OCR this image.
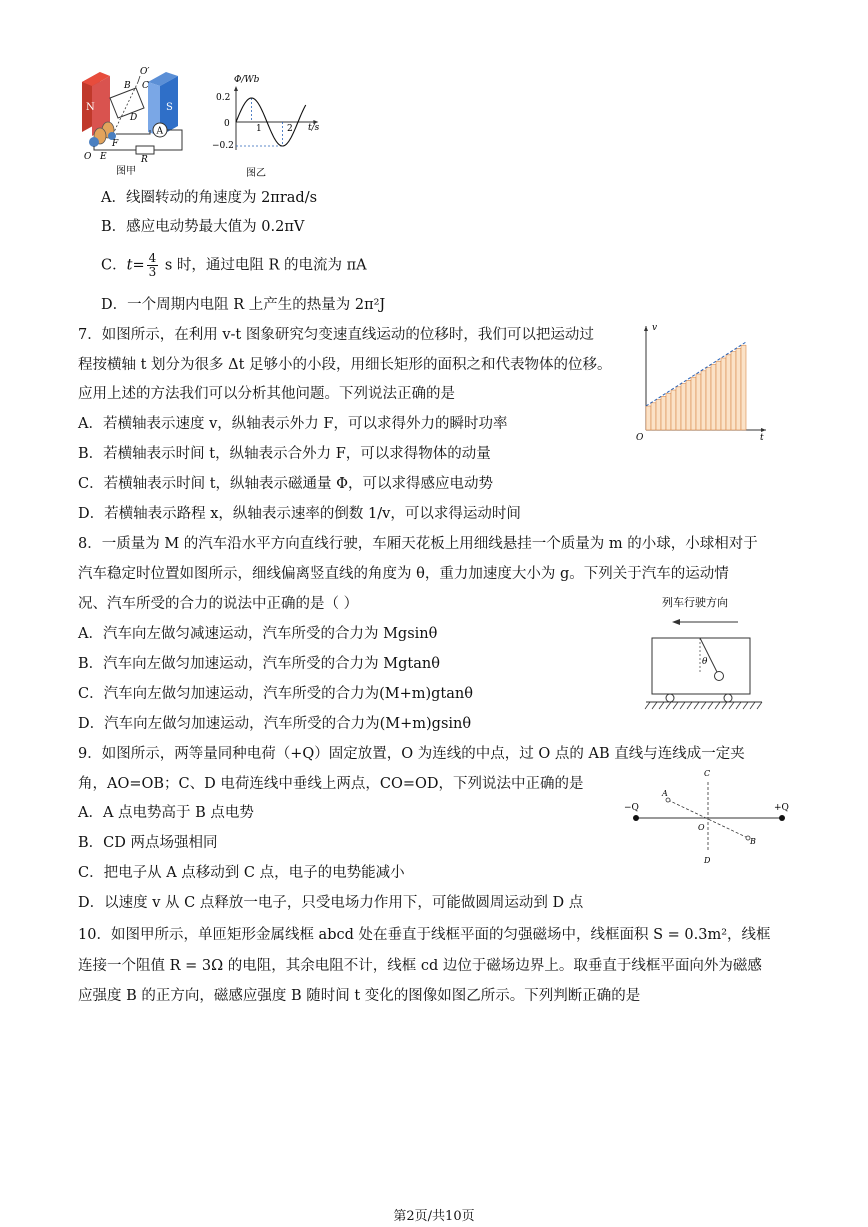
N	S
A
R
B C
O′
D
F
O E
图甲
Φ/Wb
t/s
0
0.2
−0.2
1	2
图乙
A．线圈转动的角速度为 2πrad/s
B．感应电动势最大值为 0.2πV
C．$t= \frac{4}{3}$ s 时，通过电阻 R 的电流为 πA
D．一个周期内电阻 R 上产生的热量为 2π²J
7．如图所示，在利用 v-t 图象研究匀变速直线运动的位移时，我们可以把运动过
程按横轴 t 划分为很多 Δt 足够小的小段，用细长矩形的面积之和代表物体的位移。
应用上述的方法我们可以分析其他问题。下列说法正确的是
A．若横轴表示速度 v，纵轴表示外力 F，可以求得外力的瞬时功率
B．若横轴表示时间 t，纵轴表示合外力 F，可以求得物体的动量
C．若横轴表示时间 t，纵轴表示磁通量 Φ，可以求得感应电动势
D．若横轴表示路程 x，纵轴表示速率的倒数 1/v，可以求得运动时间
v
O	t
8．一质量为 M 的汽车沿水平方向直线行驶，车厢天花板上用细线悬挂一个质量为 m 的小球，小球相对于
汽车稳定时位置如图所示，细线偏离竖直线的角度为 θ，重力加速度大小为 g。下列关于汽车的运动情
况、汽车所受的合力的说法中正确的是（ ）
A．汽车向左做匀减速运动，汽车所受的合力为 Mgsinθ
B．汽车向左做匀加速运动，汽车所受的合力为 Mgtanθ
C．汽车向左做匀加速运动，汽车所受的合力为(M+m)gtanθ
D．汽车向左做匀加速运动，汽车所受的合力为(M+m)gsinθ
列车行驶方向
θ
9．如图所示，两等量同种电荷（+Q）固定放置，O 为连线的中点，过 O 点的 AB 直线与连线成一定夹
角，AO=OB；C、D 电荷连线中垂线上两点，CO=OD，下列说法中正确的是
A．A 点电势高于 B 点电势
B．CD 两点场强相同
C．把电子从 A 点移动到 C 点，电子的电势能减小
D．以速度 v 从 C 点释放一电子，只受电场力作用下，可能做圆周运动到 D 点
−Q	+Q
A
B
C
D
O
10．如图甲所示，单匝矩形金属线框 abcd 处在垂直于线框平面的匀强磁场中，线框面积 S = 0.3m²，线框
连接一个阻值 R = 3Ω 的电阻，其余电阻不计，线框 cd 边位于磁场边界上。取垂直于线框平面向外为磁感
应强度 B 的正方向，磁感应强度 B 随时间 t 变化的图像如图乙所示。下列判断正确的是
第2页/共10页
